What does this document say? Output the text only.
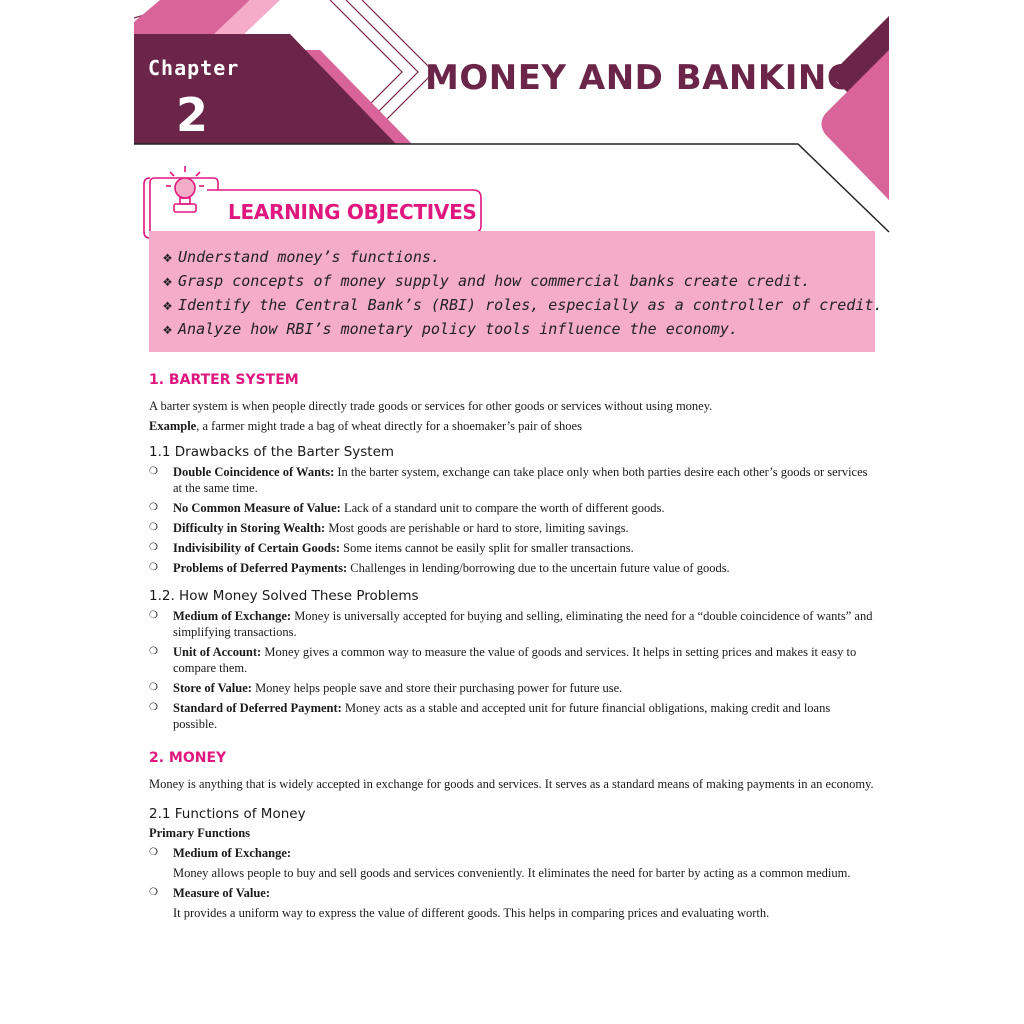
Chapter
2
MONEY AND BANKING
LEARNING OBJECTIVES
❖ Understand money’s functions.
❖ Grasp concepts of money supply and how commercial banks create credit.
❖ Identify the Central Bank’s (RBI) roles, especially as a controller of credit.
❖ Analyze how RBI’s monetary policy tools influence the economy.
1. BARTER SYSTEM

A barter system is when people directly trade goods or services for other goods or services without using money.

Example, a farmer might trade a bag of wheat directly for a shoemaker’s pair of shoes

1.1 Drawbacks of the Barter System
❍ Double Coincidence of Wants: In the barter system, exchange can take place only when both parties desire each other’s goods or services at the same time.
❍ No Common Measure of Value: Lack of a standard unit to compare the worth of different goods.
❍ Difficulty in Storing Wealth: Most goods are perishable or hard to store, limiting savings.
❍ Indivisibility of Certain Goods: Some items cannot be easily split for smaller transactions.
❍ Problems of Deferred Payments: Challenges in lending/borrowing due to the uncertain future value of goods.
1.2. How Money Solved These Problems
❍ Medium of Exchange: Money is universally accepted for buying and selling, eliminating the need for a “double coincidence of wants” and simplifying transactions.
❍ Unit of Account: Money gives a common way to measure the value of goods and services. It helps in setting prices and makes it easy to compare them.
❍ Store of Value: Money helps people save and store their purchasing power for future use.
❍ Standard of Deferred Payment: Money acts as a stable and accepted unit for future financial obligations, making credit and loans possible.
2. MONEY

Money is anything that is widely accepted in exchange for goods and services. It serves as a standard means of making payments in an economy.

2.1 Functions of Money

Primary Functions

❍ Medium of Exchange:

Money allows people to buy and sell goods and services conveniently. It eliminates the need for barter by acting as a common medium.

❍ Measure of Value:

It provides a uniform way to express the value of different goods. This helps in comparing prices and evaluating worth.
